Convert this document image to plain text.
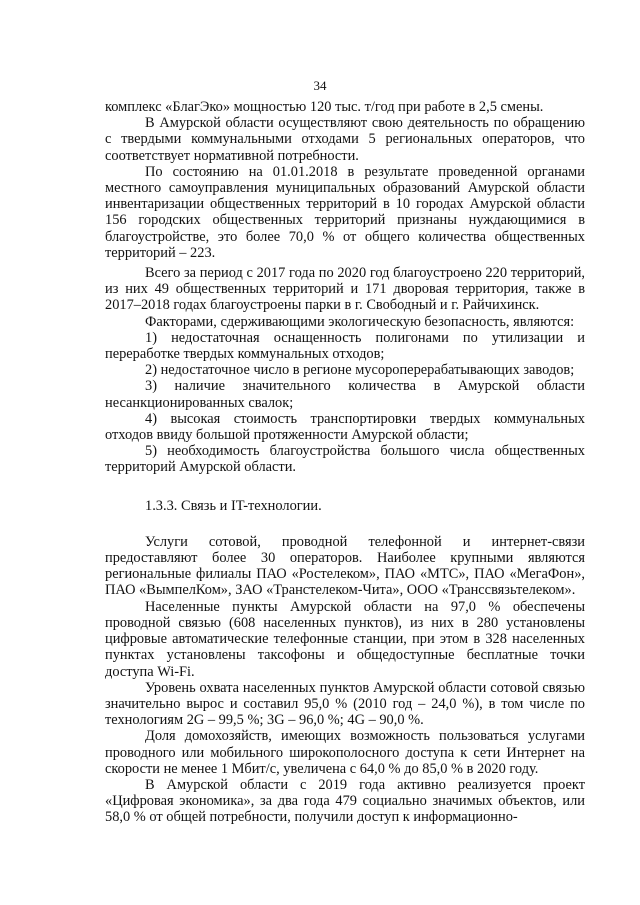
34

комплекс «БлагЭко» мощностью 120 тыс. т/год при работе в 2,5 смены.

В Амурской области осуществляют свою деятельность по обращению с твердыми коммунальными отходами 5 региональных операторов, что соответствует нормативной потребности.

По состоянию на 01.01.2018 в результате проведенной органами местного самоуправления муниципальных образований Амурской области инвентаризации общественных территорий в 10 городах Амурской области 156 городских общественных территорий признаны нуждающимися в благоустройстве, это более 70,0 % от общего количества общественных территорий – 223.

Всего за период с 2017 года по 2020 год благоустроено 220 территорий, из них 49 общественных территорий и 171 дворовая территория, также в 2017–2018 годах благоустроены парки в г. Свободный и г. Райчихинск.

Факторами, сдерживающими экологическую безопасность, являются:

1) недостаточная оснащенность полигонами по утилизации и переработке твердых коммунальных отходов;

2) недостаточное число в регионе мусороперерабатывающих заводов;

3) наличие значительного количества в Амурской области несанкционированных свалок;

4) высокая стоимость транспортировки твердых коммунальных отходов ввиду большой протяженности Амурской области;

5) необходимость благоустройства большого числа общественных территорий Амурской области.

1.3.3. Связь и IT-технологии.

Услуги сотовой, проводной телефонной и интернет-связи предоставляют более 30 операторов. Наиболее крупными являются региональные филиалы ПАО «Ростелеком», ПАО «МТС», ПАО «МегаФон», ПАО «ВымпелКом», ЗАО «Транстелеком-Чита», ООО «Транссвязьтелеком».

Населенные пункты Амурской области на 97,0 % обеспечены проводной связью (608 населенных пунктов), из них в 280 установлены цифровые автоматические телефонные станции, при этом в 328 населенных пунктах установлены таксофоны и общедоступные бесплатные точки доступа Wi-Fi.

Уровень охвата населенных пунктов Амурской области сотовой связью значительно вырос и составил 95,0 % (2010 год – 24,0 %), в том числе по технологиям 2G – 99,5 %; 3G – 96,0 %; 4G – 90,0 %.

Доля домохозяйств, имеющих возможность пользоваться услугами проводного или мобильного широкополосного доступа к сети Интернет на скорости не менее 1 Мбит/с, увеличена с 64,0 % до 85,0 % в 2020 году.

В Амурской области с 2019 года активно реализуется проект «Цифровая экономика», за два года 479 социально значимых объектов, или 58,0 % от общей потребности, получили доступ к информационно-
